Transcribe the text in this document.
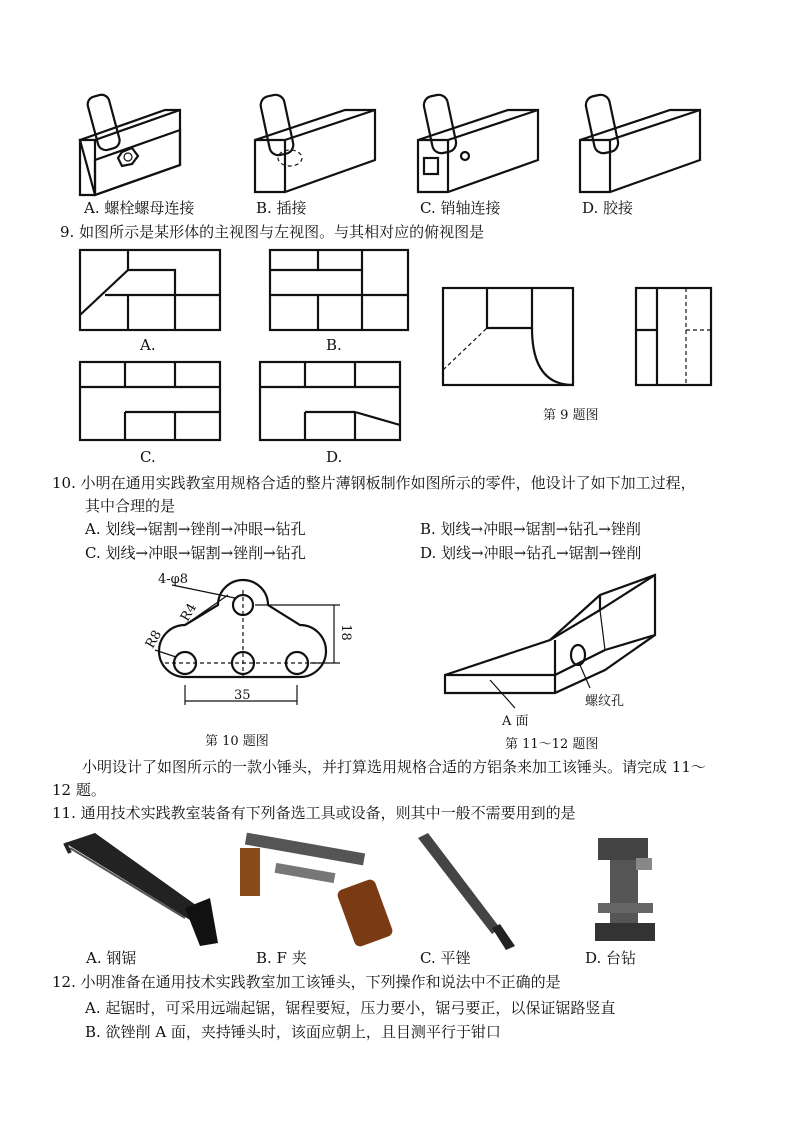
A. 螺栓螺母连接	B. 插接	C. 销轴连接	D. 胶接
9. 如图所示是某形体的主视图与左视图。与其相对应的俯视图是
A.	B.
C.	D.
第 9 题图
10. 小明在通用实践教室用规格合适的整片薄钢板制作如图所示的零件，他设计了如下加工过程，
其中合理的是
A. 划线→锯割→锉削→冲眼→钻孔	B. 划线→冲眼→锯割→钻孔→锉削
C. 划线→冲眼→锯割→锉削→钻孔	D. 划线→冲眼→钻孔→锯割→锉削
4-φ8
R4
R8	18
35
第 10 题图
A 面
螺纹孔
第 11～12 题图
小明设计了如图所示的一款小锤头，并打算选用规格合适的方铝条来加工该锤头。请完成 11～
12 题。
11. 通用技术实践教室装备有下列备选工具或设备，则其中一般不需要用到的是
A. 钢锯	B. F 夹	C. 平锉	D. 台钻
12. 小明准备在通用技术实践教室加工该锤头，下列操作和说法中不正确的是
A. 起锯时，可采用远端起锯，锯程要短，压力要小，锯弓要正，以保证锯路竖直
B. 欲锉削 A 面，夹持锤头时，该面应朝上，且目测平行于钳口
